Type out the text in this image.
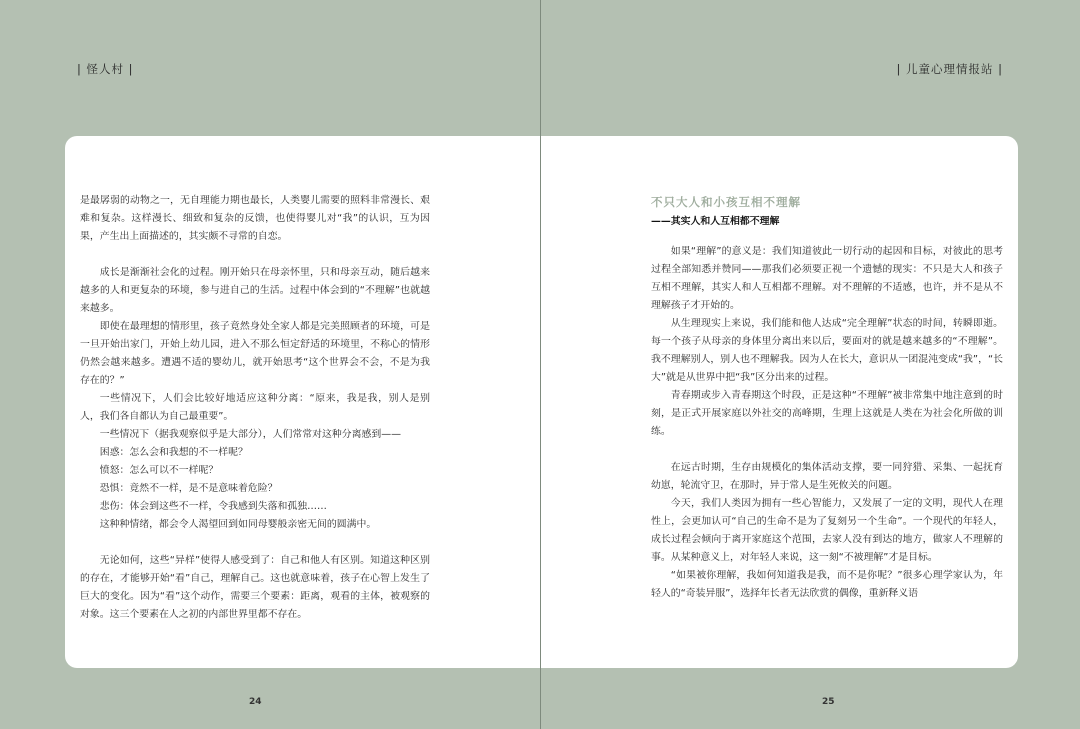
| 怪人村 |	| 儿童心理情报站 |

是最孱弱的动物之一，无自理能力期也最长，人类婴儿需要的照料非常漫长、艰难和复杂。这样漫长、细致和复杂的反馈，也使得婴儿对“我”的认识，互为因果，产生出上面描述的，其实颇不寻常的自恋。

成长是渐渐社会化的过程。刚开始只在母亲怀里，只和母亲互动，随后越来越多的人和更复杂的环境，参与进自己的生活。过程中体会到的“不理解”也就越来越多。

即使在最理想的情形里，孩子竟然身处全家人都是完美照顾者的环境，可是一旦开始出家门，开始上幼儿园，进入不那么恒定舒适的环境里，不称心的情形仍然会越来越多。遭遇不适的婴幼儿，就开始思考“这个世界会不会，不是为我存在的？”

一些情况下，人们会比较好地适应这种分离：“原来，我是我，别人是别人，我们各自都认为自己最重要”。

一些情况下（据我观察似乎是大部分），人们常常对这种分离感到——

困惑：怎么会和我想的不一样呢？

愤怒：怎么可以不一样呢？

恐惧：竟然不一样，是不是意味着危险？

悲伤：体会到这些不一样，令我感到失落和孤独……

这种种情绪，都会令人渴望回到如同母婴般亲密无间的圆满中。

无论如何，这些“异样”使得人感受到了：自己和他人有区别。知道这种区别的存在，才能够开始“看”自己，理解自己。这也就意味着，孩子在心智上发生了巨大的变化。因为“看”这个动作，需要三个要素：距离，观看的主体，被观察的对象。这三个要素在人之初的内部世界里都不存在。

不只大人和小孩互相不理解
——其实人和人互相都不理解

如果“理解”的意义是：我们知道彼此一切行动的起因和目标，对彼此的思考过程全部知悉并赞同——那我们必须要正视一个遗憾的现实：不只是大人和孩子互相不理解，其实人和人互相都不理解。对不理解的不适感，也许，并不是从不理解孩子才开始的。

从生理现实上来说，我们能和他人达成“完全理解”状态的时间，转瞬即逝。每一个孩子从母亲的身体里分离出来以后，要面对的就是越来越多的“不理解”。我不理解别人，别人也不理解我。因为人在长大，意识从一团混沌变成“我”，“长大”就是从世界中把“我”区分出来的过程。

青春期或步入青春期这个时段，正是这种“不理解”被非常集中地注意到的时刻，是正式开展家庭以外社交的高峰期，生理上这就是人类在为社会化所做的训练。

在远古时期，生存由规模化的集体活动支撑，要一同狩猎、采集、一起抚育幼崽，轮流守卫，在那时，异于常人是生死攸关的问题。

今天，我们人类因为拥有一些心智能力，又发展了一定的文明，现代人在理性上，会更加认可“自己的生命不是为了复刻另一个生命”。一个现代的年轻人，成长过程会倾向于离开家庭这个范围，去家人没有到达的地方，做家人不理解的事。从某种意义上，对年轻人来说，这一刻“不被理解”才是目标。

“如果被你理解，我如何知道我是我，而不是你呢？”很多心理学家认为，年轻人的“奇装异服”，选择年长者无法欣赏的偶像，重新释义语

24	25
